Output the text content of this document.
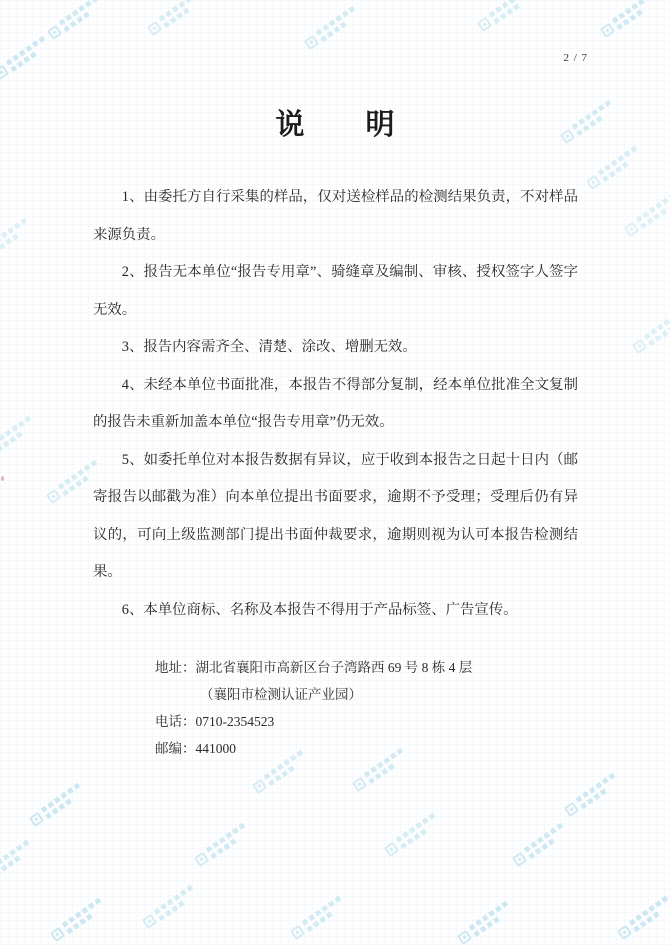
2 / 7
说　　明

1、由委托方自行采集的样品，仅对送检样品的检测结果负责，不对样品来源负责。

2、报告无本单位“报告专用章”、骑缝章及编制、审核、授权签字人签字无效。

3、报告内容需齐全、清楚、涂改、增删无效。

4、未经本单位书面批准，本报告不得部分复制，经本单位批准全文复制的报告未重新加盖本单位“报告专用章”仍无效。

5、如委托单位对本报告数据有异议，应于收到本报告之日起十日内（邮寄报告以邮戳为准）向本单位提出书面要求，逾期不予受理；受理后仍有异议的，可向上级监测部门提出书面仲裁要求，逾期则视为认可本报告检测结果。

6、本单位商标、名称及本报告不得用于产品标签、广告宣传。

地址：湖北省襄阳市高新区台子湾路西 69 号 8 栋 4 层
（襄阳市检测认证产业园）
电话：0710-2354523
邮编：441000
